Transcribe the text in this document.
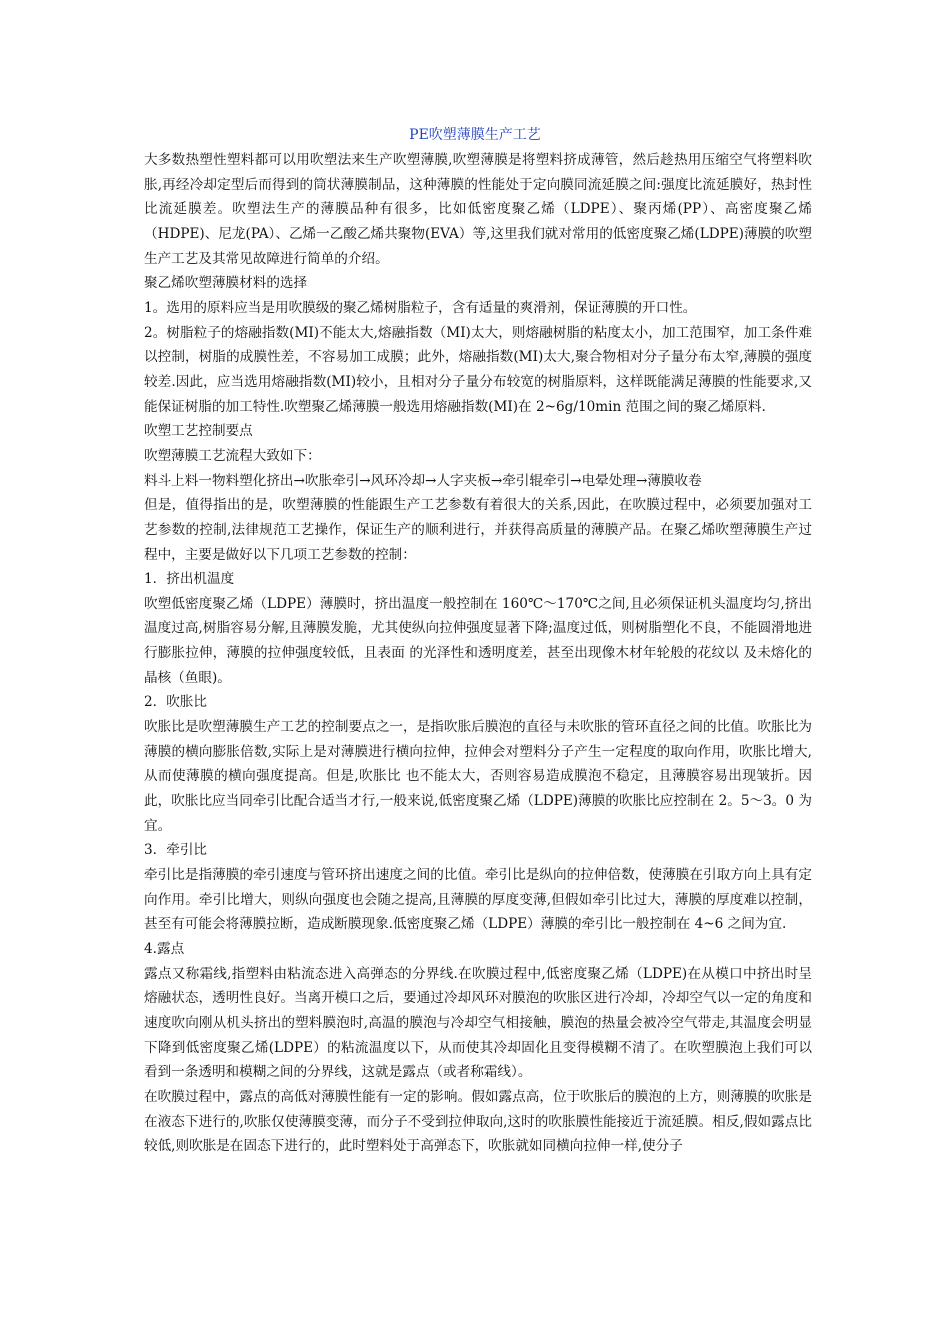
PE吹塑薄膜生产工艺

大多数热塑性塑料都可以用吹塑法来生产吹塑薄膜,吹塑薄膜是将塑料挤成薄管，然后趁热用压缩空气将塑料吹胀,再经冷却定型后而得到的筒状薄膜制品，这种薄膜的性能处于定向膜同流延膜之间:强度比流延膜好，热封性比流延膜差。吹塑法生产的薄膜品种有很多，比如低密度聚乙烯（LDPE）、聚丙烯(PP）、高密度聚乙烯（HDPE)、尼龙(PA）、乙烯一乙酸乙烯共聚物(EVA）等,这里我们就对常用的低密度聚乙烯(LDPE)薄膜的吹塑生产工艺及其常见故障进行简单的介绍。

聚乙烯吹塑薄膜材料的选择

1。选用的原料应当是用吹膜级的聚乙烯树脂粒子，含有适量的爽滑剂，保证薄膜的开口性。

2。树脂粒子的熔融指数(MI)不能太大,熔融指数（MI)太大，则熔融树脂的粘度太小，加工范围窄，加工条件难以控制，树脂的成膜性差，不容易加工成膜；此外，熔融指数(MI)太大,聚合物相对分子量分布太窄,薄膜的强度较差.因此，应当选用熔融指数(MI)较小，且相对分子量分布较宽的树脂原料，这样既能满足薄膜的性能要求,又能保证树脂的加工特性.吹塑聚乙烯薄膜一般选用熔融指数(MI)在 2~6g/10min 范围之间的聚乙烯原料.

吹塑工艺控制要点

吹塑薄膜工艺流程大致如下：

料斗上料一物料塑化挤出→吹胀牵引→风环冷却→人字夹板→牵引辊牵引→电晕处理→薄膜收卷

但是，值得指出的是，吹塑薄膜的性能跟生产工艺参数有着很大的关系,因此，在吹膜过程中，必须要加强对工艺参数的控制,法律规范工艺操作，保证生产的顺利进行，并获得高质量的薄膜产品。在聚乙烯吹塑薄膜生产过程中，主要是做好以下几项工艺参数的控制：

1．挤出机温度

吹塑低密度聚乙烯（LDPE）薄膜时，挤出温度一般控制在 160℃～170℃之间,且必须保证机头温度均匀,挤出温度过高,树脂容易分解,且薄膜发脆，尤其使纵向拉伸强度显著下降;温度过低，则树脂塑化不良，不能圆滑地进行膨胀拉伸，薄膜的拉伸强度较低，且表面 的光泽性和透明度差，甚至出现像木材年轮般的花纹以 及未熔化的晶核（鱼眼)。

2．吹胀比

吹胀比是吹塑薄膜生产工艺的控制要点之一，是指吹胀后膜泡的直径与未吹胀的管环直径之间的比值。吹胀比为薄膜的横向膨胀倍数,实际上是对薄膜进行横向拉伸，拉伸会对塑料分子产生一定程度的取向作用，吹胀比增大,从而使薄膜的横向强度提高。但是,吹胀比 也不能太大，否则容易造成膜泡不稳定，且薄膜容易出现皱折。因此，吹胀比应当同牵引比配合适当才行,一般来说,低密度聚乙烯（LDPE)薄膜的吹胀比应控制在 2。5～3。0 为宜。

3．牵引比

牵引比是指薄膜的牵引速度与管环挤出速度之间的比值。牵引比是纵向的拉伸倍数，使薄膜在引取方向上具有定向作用。牵引比增大，则纵向强度也会随之提高,且薄膜的厚度变薄,但假如牵引比过大，薄膜的厚度难以控制，甚至有可能会将薄膜拉断，造成断膜现象.低密度聚乙烯（LDPE）薄膜的牵引比一般控制在 4~6 之间为宜.

4.露点

露点又称霜线,指塑料由粘流态进入高弹态的分界线.在吹膜过程中,低密度聚乙烯（LDPE)在从模口中挤出时呈熔融状态，透明性良好。当离开模口之后，要通过冷却风环对膜泡的吹胀区进行冷却，冷却空气以一定的角度和速度吹向刚从机头挤出的塑料膜泡时,高温的膜泡与冷却空气相接触，膜泡的热量会被冷空气带走,其温度会明显下降到低密度聚乙烯(LDPE）的粘流温度以下，从而使其冷却固化且变得模糊不清了。在吹塑膜泡上我们可以看到一条透明和模糊之间的分界线，这就是露点（或者称霜线）。

在吹膜过程中，露点的高低对薄膜性能有一定的影响。假如露点高，位于吹胀后的膜泡的上方，则薄膜的吹胀是在液态下进行的,吹胀仅使薄膜变薄，而分子不受到拉伸取向,这时的吹胀膜性能接近于流延膜。相反,假如露点比较低,则吹胀是在固态下进行的，此时塑料处于高弹态下，吹胀就如同横向拉伸一样,使分子
